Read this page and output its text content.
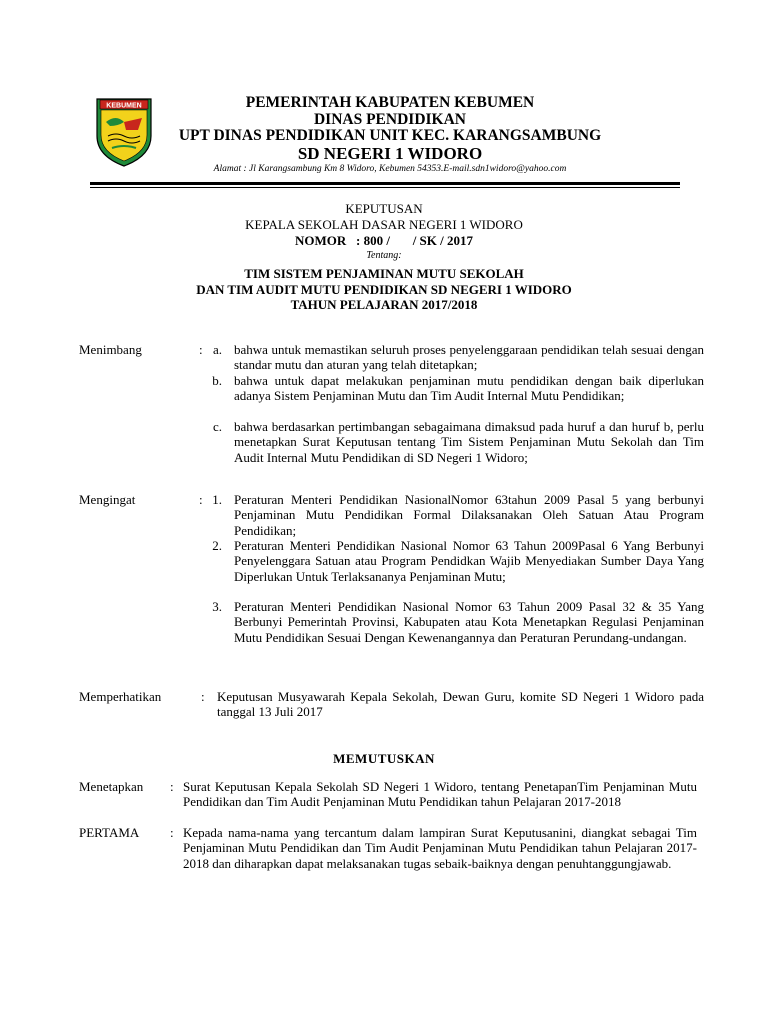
KEBUMEN	PEMERINTAH KABUPATEN KEBUMEN
DINAS PENDIDIKAN
UPT DINAS PENDIDIKAN UNIT KEC. KARANGSAMBUNG
SD NEGERI 1 WIDORO
Alamat : Jl Karangsambung Km 8 Widoro, Kebumen 54353.E-mail.sdn1widoro@yahoo.com
KEPUTUSAN
KEPALA SEKOLAH DASAR NEGERI 1 WIDORO
NOMOR   : 800 /       / SK / 2017
Tentang:
TIM SISTEM PENJAMINAN MUTU SEKOLAH
DAN TIM AUDIT MUTU PENDIDIKAN SD NEGERI 1 WIDORO
TAHUN PELAJARAN 2017/2018
Menimbang	: a. bahwa untuk memastikan seluruh proses penyelenggaraan pendidikan telah sesuai dengan standar mutu dan aturan yang telah ditetapkan;
b. bahwa untuk dapat melakukan penjaminan mutu pendidikan dengan baik diperlukan adanya Sistem Penjaminan Mutu dan Tim Audit Internal Mutu Pendidikan;
c. bahwa berdasarkan pertimbangan sebagaimana dimaksud pada huruf a dan huruf b, perlu menetapkan Surat Keputusan tentang Tim Sistem Penjaminan Mutu Sekolah dan Tim Audit Internal Mutu Pendidikan di SD Negeri 1 Widoro;
Mengingat	: 1. Peraturan Menteri Pendidikan NasionalNomor 63tahun 2009 Pasal 5 yang berbunyi Penjaminan Mutu Pendidikan Formal Dilaksanakan Oleh Satuan Atau Program Pendidikan;
2. Peraturan Menteri Pendidikan Nasional Nomor 63 Tahun 2009Pasal 6 Yang Berbunyi Penyelenggara Satuan atau Program Pendidkan Wajib Menyediakan Sumber Daya Yang Diperlukan Untuk Terlaksananya Penjaminan Mutu;
3. Peraturan Menteri Pendidikan Nasional Nomor 63 Tahun 2009 Pasal 32 & 35 Yang Berbunyi Pemerintah Provinsi, Kabupaten atau Kota Menetapkan Regulasi Penjaminan Mutu Pendidikan Sesuai Dengan Kewenangannya dan Peraturan Perundang-undangan.
Memperhatikan	: Keputusan Musyawarah Kepala Sekolah, Dewan Guru, komite SD Negeri 1 Widoro pada tanggal 13 Juli 2017
MEMUTUSKAN
Menetapkan : Surat Keputusan Kepala Sekolah SD Negeri 1 Widoro, tentang PenetapanTim Penjaminan Mutu Pendidikan dan Tim Audit Penjaminan Mutu Pendidikan tahun Pelajaran 2017-2018
PERTAMA : Kepada nama-nama yang tercantum dalam lampiran Surat Keputusanini, diangkat sebagai Tim Penjaminan Mutu Pendidikan dan Tim Audit Penjaminan Mutu Pendidikan tahun Pelajaran 2017-2018 dan diharapkan dapat melaksanakan tugas sebaik-baiknya dengan penuhtanggungjawab.
